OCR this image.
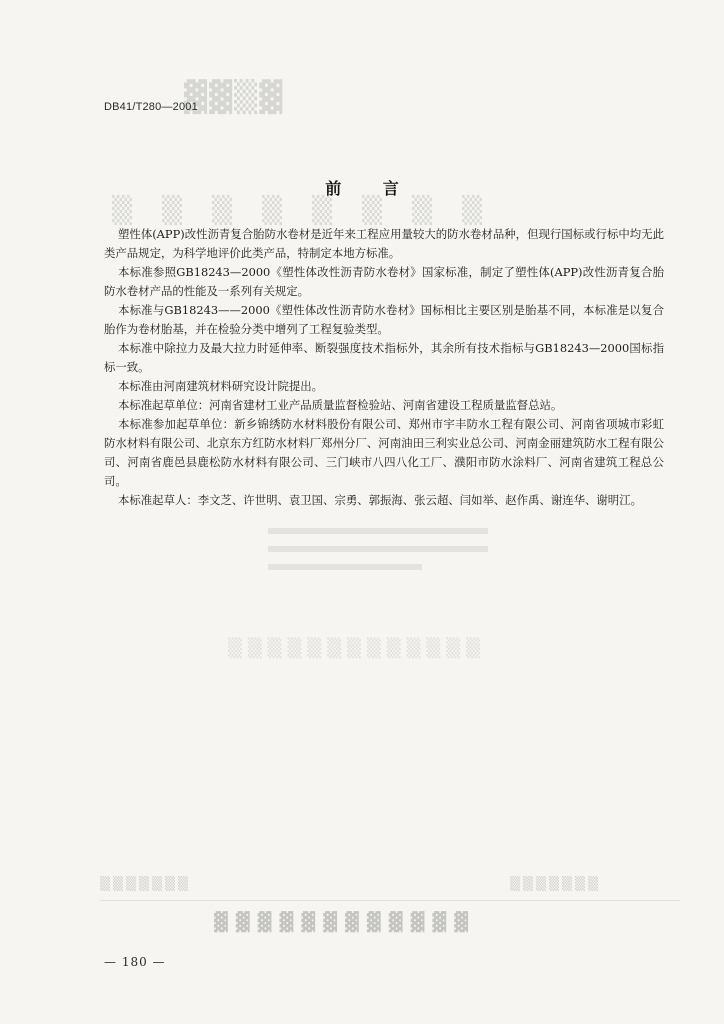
▓▓▒▓
▒▒▒▒▒▒▒▒
▒▒▒▒▒▒▒▒▒▒▒▒▒
▒▒▒▒▒▒▒	▒▒▒▒▒▒▒
▓▓▓▓▓▓▓▓▓▓▓▓
DB41/T280—2001
前 言

塑性体(APP)改性沥青复合胎防水卷材是近年来工程应用量较大的防水卷材品种，但现行国标或行标中均无此类产品规定，为科学地评价此类产品，特制定本地方标准。

本标准参照GB18243—2000《塑性体改性沥青防水卷材》国家标准，制定了塑性体(APP)改性沥青复合胎防水卷材产品的性能及一系列有关规定。

本标准与GB18243——2000《塑性体改性沥青防水卷材》国标相比主要区别是胎基不同，本标准是以复合胎作为卷材胎基，并在检验分类中增列了工程复验类型。

本标准中除拉力及最大拉力时延伸率、断裂强度技术指标外，其余所有技术指标与GB18243—2000国标指标一致。

本标准由河南建筑材料研究设计院提出。

本标准起草单位：河南省建材工业产品质量监督检验站、河南省建设工程质量监督总站。

本标准参加起草单位：新乡锦绣防水材料股份有限公司、郑州市宇丰防水工程有限公司、河南省项城市彩虹防水材料有限公司、北京东方红防水材料厂郑州分厂、河南油田三利实业总公司、河南金丽建筑防水工程有限公司、河南省鹿邑县鹿松防水材料有限公司、三门峡市八四八化工厂、濮阳市防水涂料厂、河南省建筑工程总公司。

本标准起草人：李文芝、许世明、袁卫国、宗勇、郭振海、张云超、闫如举、赵作禹、谢连华、谢明江。

— 180 —
